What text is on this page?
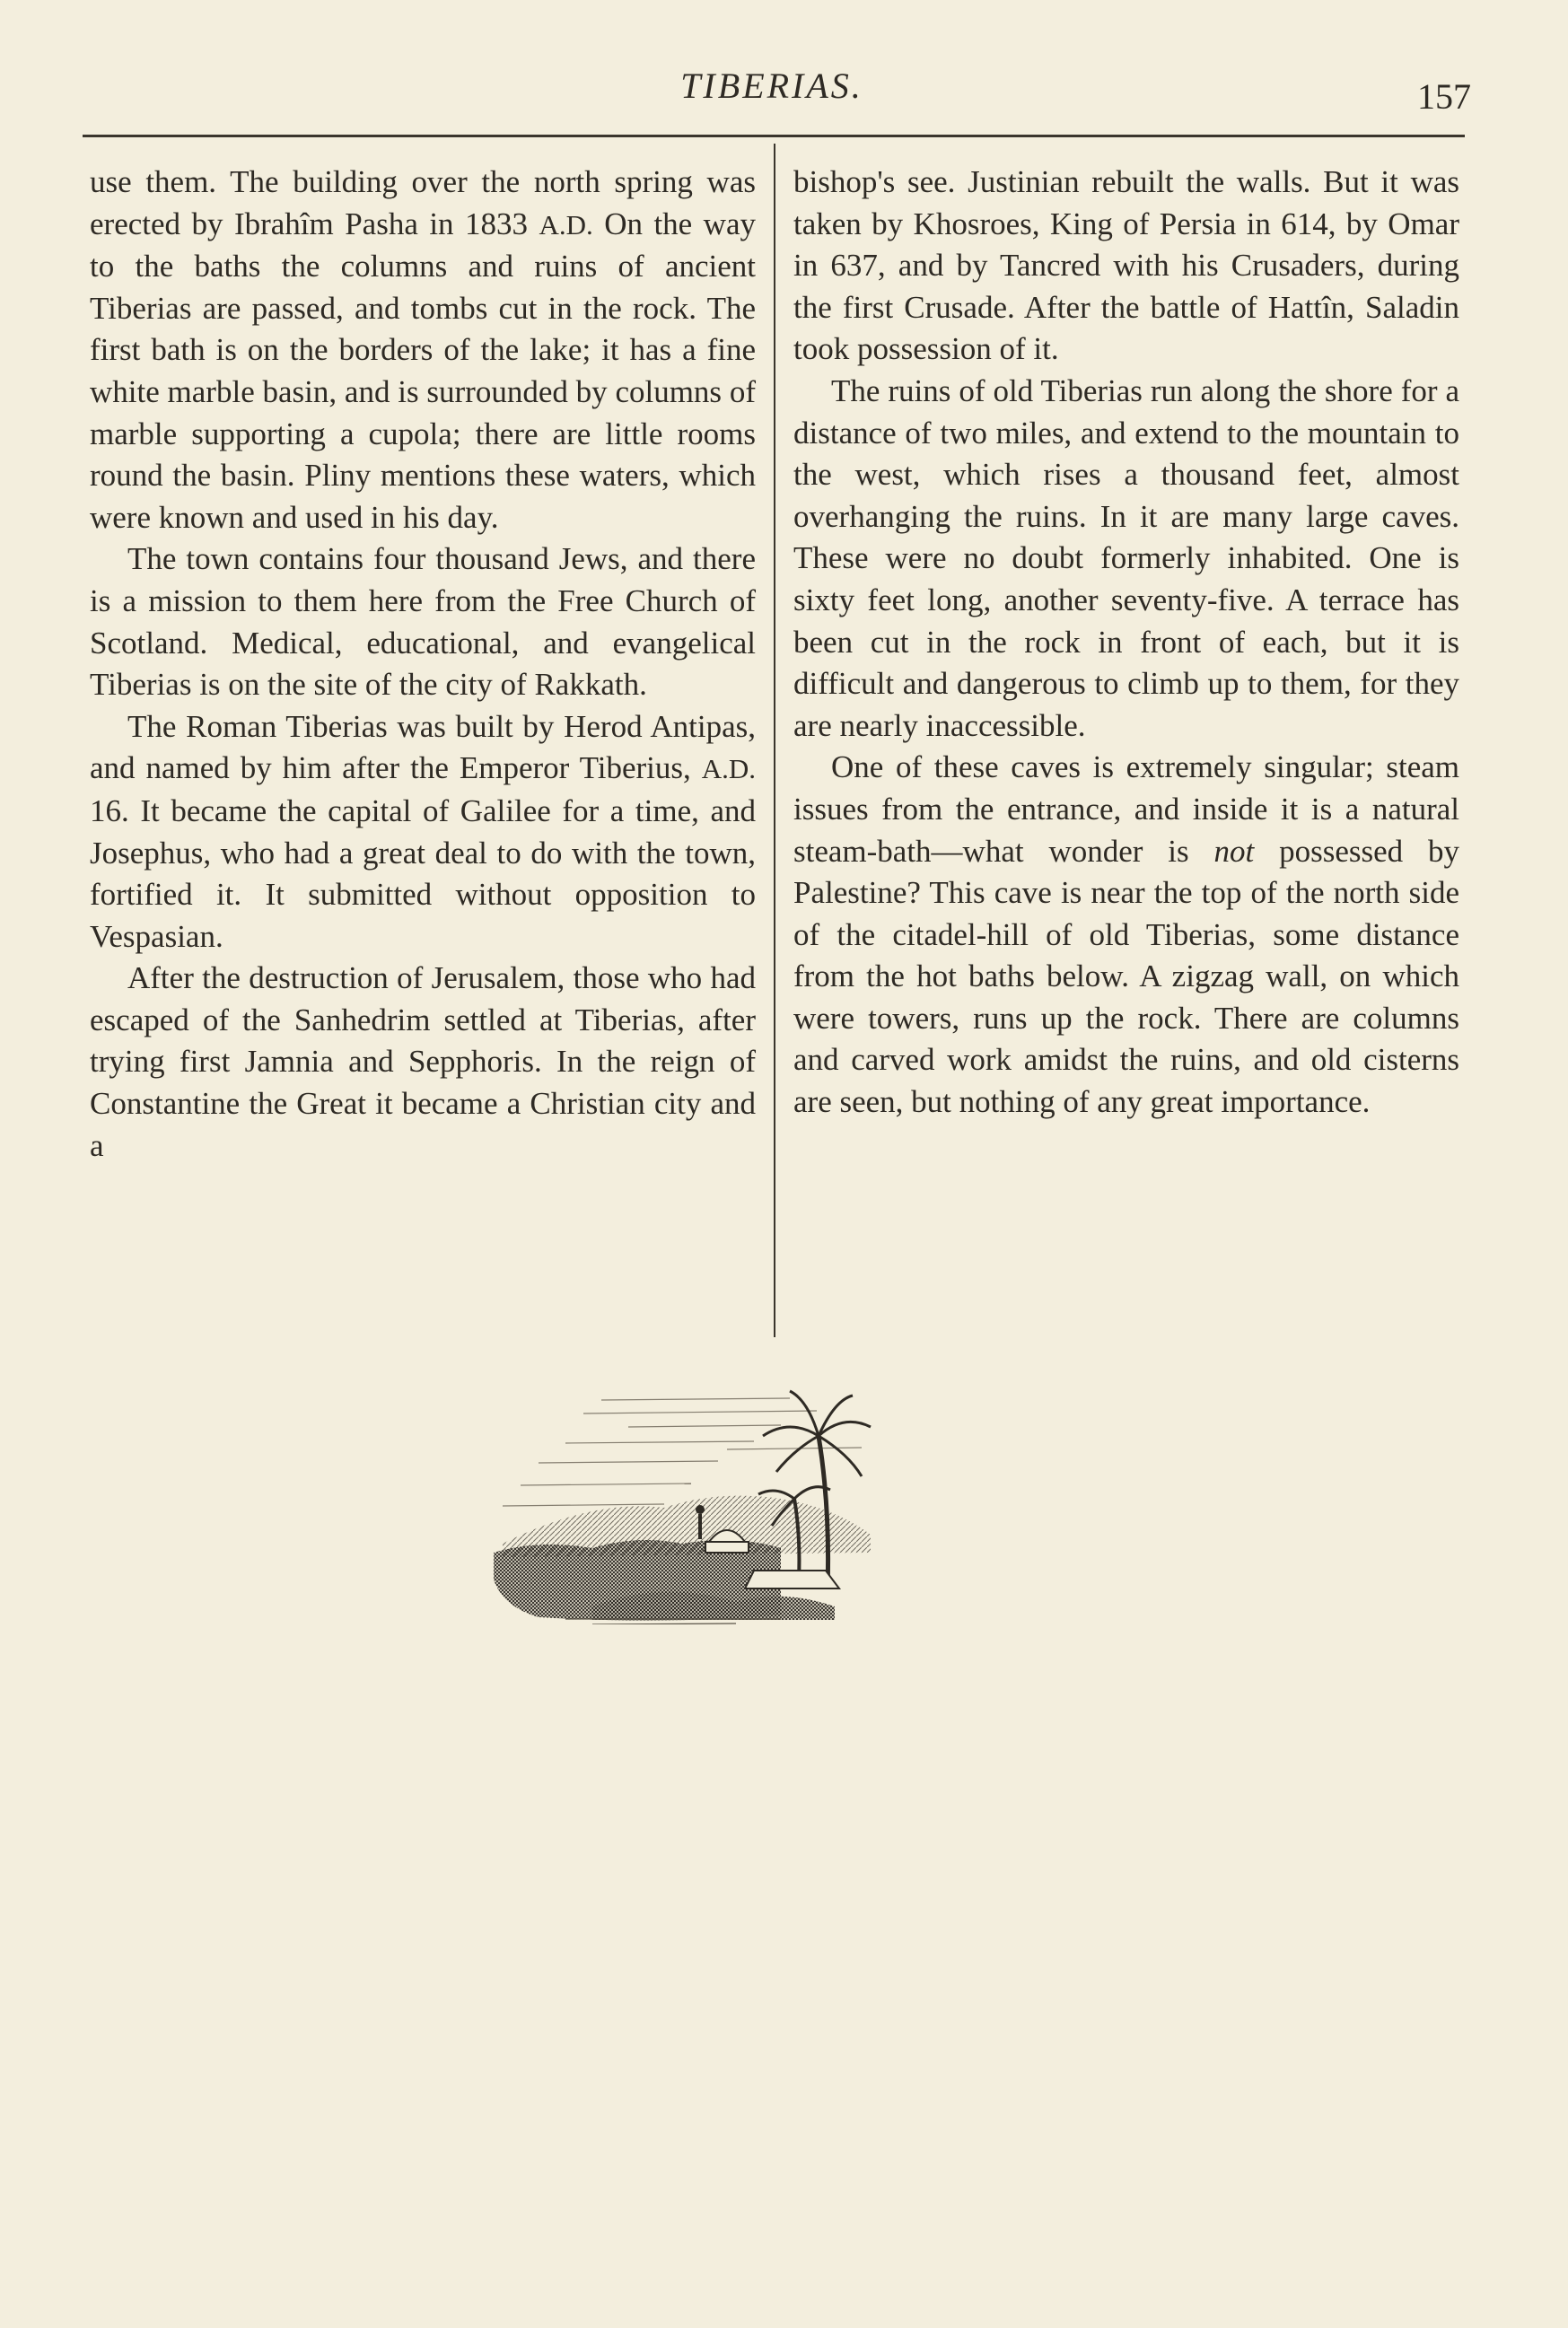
TIBERIAS.	157

use them. The building over the north spring was erected by Ibrahîm Pasha in 1833 A.D. On the way to the baths the columns and ruins of ancient Tiberias are passed, and tombs cut in the rock. The first bath is on the borders of the lake; it has a fine white marble basin, and is surrounded by columns of marble supporting a cupola; there are little rooms round the basin. Pliny mentions these waters, which were known and used in his day.

The town contains four thousand Jews, and there is a mission to them here from the Free Church of Scotland. Medical, educational, and evangelical Tiberias is on the site of the city of Rakkath.

The Roman Tiberias was built by Herod Antipas, and named by him after the Emperor Tiberius, A.D. 16. It became the capital of Galilee for a time, and Josephus, who had a great deal to do with the town, fortified it. It submitted without opposition to Vespasian.

After the destruction of Jerusalem, those who had escaped of the Sanhedrim settled at Tiberias, after trying first Jamnia and Sepphoris. In the reign of Constantine the Great it became a Christian city and a

bishop's see. Justinian rebuilt the walls. But it was taken by Khosroes, King of Persia in 614, by Omar in 637, and by Tancred with his Crusaders, during the first Crusade. After the battle of Hattîn, Saladin took possession of it.

The ruins of old Tiberias run along the shore for a distance of two miles, and extend to the mountain to the west, which rises a thousand feet, almost overhanging the ruins. In it are many large caves. These were no doubt formerly inhabited. One is sixty feet long, another seventy-five. A terrace has been cut in the rock in front of each, but it is difficult and dangerous to climb up to them, for they are nearly inaccessible.

One of these caves is extremely singular; steam issues from the entrance, and inside it is a natural steam-bath—what wonder is not possessed by Palestine? This cave is near the top of the north side of the citadel-hill of old Tiberias, some distance from the hot baths below. A zigzag wall, on which were towers, runs up the rock. There are columns and carved work amidst the ruins, and old cisterns are seen, but nothing of any great importance.
